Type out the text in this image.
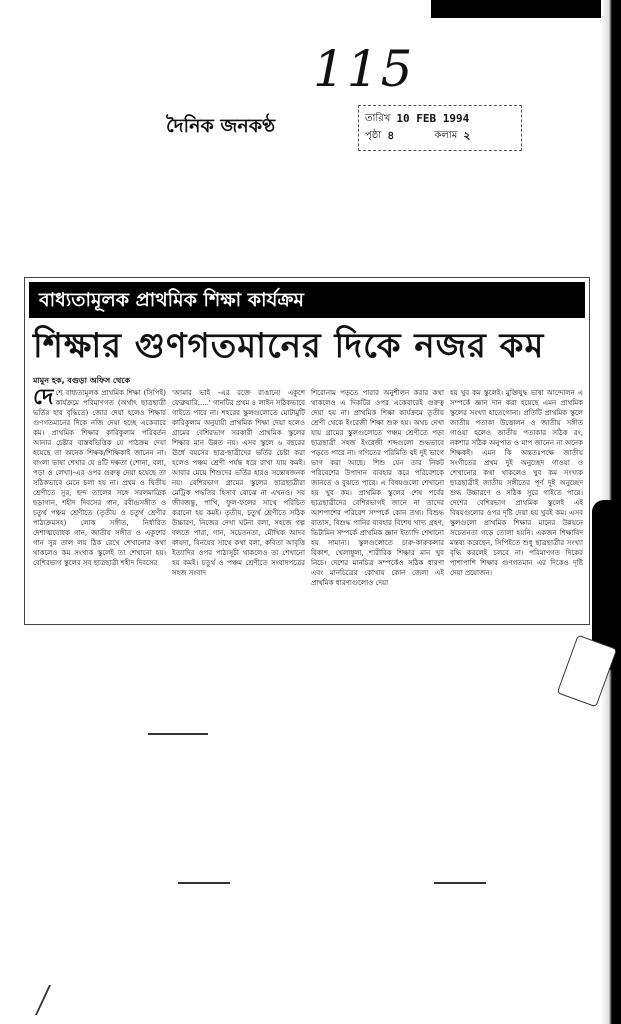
115
দৈনিক জনকণ্ঠ	তারিখ 10 FEB 1994
পৃষ্ঠা ৪	কলাম ২
বাধ্যতামূলক প্রাথমিক শিক্ষা কার্যক্রম
শিক্ষার গুণগতমানের দিকে নজর কম
মামুন হক, বগুড়া অফিস থেকে
দে শে বাধ্যতামূলক প্রাথমিক শিক্ষা (সিপিই) কার্যক্রমে পরিমাণগত (অর্থাৎ ছাত্রছাত্রী ভর্তির হার বৃদ্ধিতে) জোর দেয়া হলেও শিক্ষার গুণগতমানের দিকে নজি দেয়া হচ্ছে একেবারে কম। প্রাথমিক শিক্ষার কারিকুলাম পরিবর্তন আনার চেষ্টার বাস্তবভিত্তিক যে পাঠক্রম দেয়া হয়েছে তা অনেক শিক্ষক/শিক্ষিকাই জানেন না। বাংলা ভাষা শেখার যে ৪টি দক্ষতা (শোনা, বলা, পড়া ও লেখা)-এর ওপর গুরুত্ব দেয়া হয়েছে তা সঠিকভাবে মেনে চলা হয় না। প্রথম ও দ্বিতীয় শ্রেণীতে সুর, ছন্দ তালের সঙ্গে সরলমাত্রিক ছড়াগান, শহীদ দিবসের গান, রবীন্দ্রসঙ্গীত ও চতুর্থ পঞ্চম শ্রেণীতে (তৃতীয় ও চতুর্থ শ্রেণীর পাঠ্যক্রমসহ) লোক সঙ্গীত, নির্ধারিত দেশাত্মবোধক গান, জাতীয় সঙ্গীত ও একুশের গান সুর তাল লয় ঠিক রেখে শেখানোর কথা থাকলেও কম সংখ্যক স্কুলেই তা শেখানো হয়। বেশিরভাগ স্কুলের সব ছাত্রছাত্রী শহীদ দিবসের

'আমার ভাই -এর রক্তে রাঙানো একুশে ফেব্রুয়ারি.....' গানটির প্রথম ৪ লাইন সঠিকভাবে গাইতে পারে না। শহরের স্কুলগুলোতে মোটামুটি কারিকুলাম অনুযায়ী প্রাথমিক শিক্ষা দেয়া হলেও গ্রামের বেশিরভাগ সরকারী প্রাথমিক স্কুলের শিক্ষার মান উন্নত নয়। এসব স্কুলে ৬ বছরের ঊর্ধে বয়সের ছাত্র-ছাত্রীদের ভর্তির চেষ্টা করা হলেও পঞ্চম শ্রেণী পর্যন্ত ধরে রাখা যায় কমই। আবার মেয়ে শিশুদের ভর্তির হারও সন্তোষজনক নয়। বেশিরভাগ গ্রামের স্কুলের ছাত্রছাত্রীরা মেট্রিক পদ্ধতির হিসাব বোঝে না এখনও। সব জীবজন্তু, পাখি, ফুল-ফলের সাথে পরিচিত করানো হয় কমই। তৃতীয়, চতুর্থ শ্রেণীতে সঠিক উচ্চারণ, নিজের দেখা ঘটনা বলা, সহজে গল্প বলতে পারা, গান, সচেতনতা, মৌখিক আদব কায়দা, বিনয়ের সাথে কথা বলা, কবিতা আবৃত্তি ইত্যাদির ওপর পাঠ্যসূচী থাকলেও তা শেখানো হয় কমই। চতুর্থ ও পঞ্চম শ্রেণীতে সংবাদপত্রের সহজ সংবাদ

শিরোনাম পড়তে পারার অনুশীলন করার কথা থাকলেও এ দিকটির ওপর একেবারেই গুরুত্ব দেয়া হয় না। প্রাথমিক শিক্ষা কার্যক্রমে তৃতীয় শ্রেণী থেকে ইংরেজী শিক্ষা শুরু হয়। অথচ দেখা যায় গ্রামের স্কুলগুলোতে পঞ্চম শ্রেণীতে পড়া ছাত্রছাত্রী সহজ ইংরেজী শব্দগুলো শুদ্ধভাবে পড়তে পারে না। গণিতের পরিমিতি বই দুই ভাগে ভাগ করা আছে। শিশু যেন তার নিকট পরিবেশের উপাদান ব্যবহার করে পরিবেশকে জানতে ও বুঝতে পারে। এ বিষয়গুলো শেখানো হয় খুব কম। প্রাথমিক স্কুলের শেষ পর্বের ছাত্রছাত্রীদের বেশিরভাগই জানে না তাদের আশপাশের পরিবেশ সম্পর্কে কোন তথ্য। বিশুদ্ধ বাতাস, বিশুদ্ধ পানির ব্যবহার বিশেষ খাদ্য গ্রহণ, ভিটামিন সম্পর্কে প্রাথমিক জ্ঞান ইত্যাদি শেখানো হয় সামান্য। স্কুলগুলোতে চারু-কারুকলার বিকাশ, খেলাধুলা, শারীরিক শিক্ষার মান খুব নিচে। দেশের মানচিত্র সম্পর্কেও সঠিক ধারণা এবং মানচিত্রের কোথায় কোন জেলা এই প্রাথমিক ধারণাগুলোও দেয়া

হয় খুব কম স্কুলেই। মুক্তিযুদ্ধ ভাষা আন্দোলন এ সম্পর্কে জ্ঞান দান করা হয়েছে এমন প্রাথমিক স্কুলের সংখ্যা হাতেগোনা। প্রতিটি প্রাথমিক স্কুলে জাতীয় পতাকা উত্তোলন ও জাতীয় সঙ্গীত গাওয়া হলেও জাতীয় পতাকার সঠিক রং, নকশার সঠিক অনুপাত ও মাপ জানেন না অনেক শিক্ষকই। এমন কি অন্ততঃপক্ষে জাতীয় সংগীতের প্রথম দুই অনুচ্ছেদ গাওয়া ও শেখানোর কথা থাকলেও খুব কম সংখ্যক ছাত্রছাত্রীই জাতীয় সঙ্গীতের পূর্ণ দুই অনুচ্ছেদ শুদ্ধ উচ্চারণে ও সঠিক সুরে গাইতে পারে। দেশের বেশিরভাগ প্রাথমিক স্কুলেই এই বিষয়গুলোর ওপর দৃষ্টি দেয়া হয় খুবই কম। এসব স্কুলগুলো প্রাথমিক শিক্ষার মানের উন্নয়নে সচেতনতা গড়ে তোলা হয়নি। একজন শিক্ষাবিদ মন্তব্য করেছেন, সিপিইতে শুধু ছাত্রছাত্রীর সংখ্যা বৃদ্ধি করলেই চলবে না। পরিমাণগত দিকের পাশাপাশি শিক্ষার গুণগতমান এর দিকেও দৃষ্টি দেয়া প্রয়োজন।
